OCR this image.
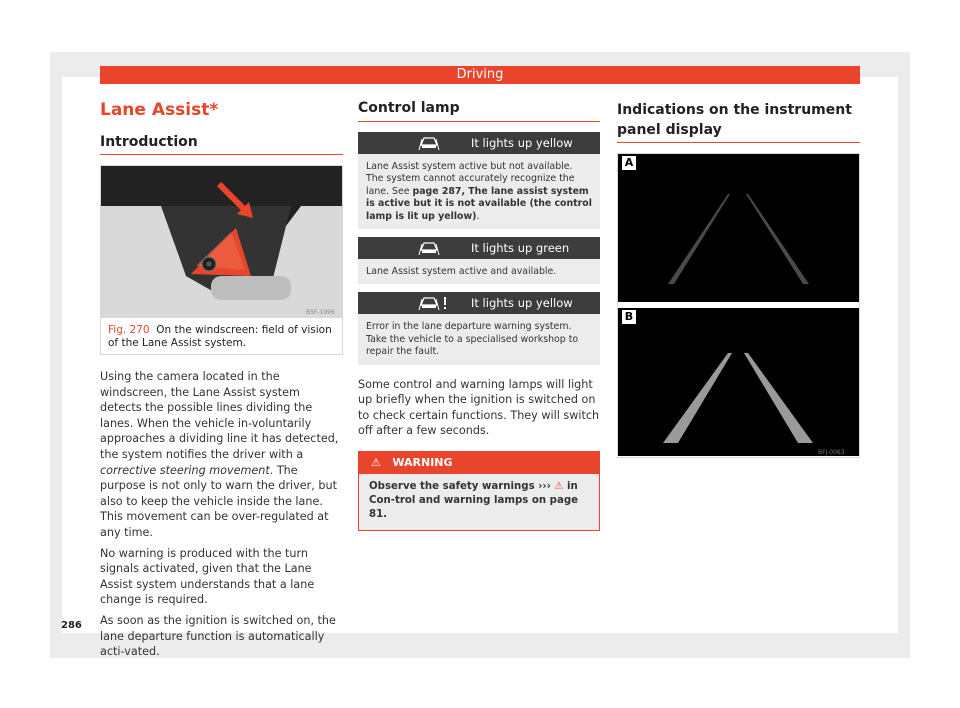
Driving
Lane Assist*
Introduction
B5F-1096
Fig. 270 On the windscreen: field of vision of the Lane Assist system.
Using the camera located in the windscreen, the Lane Assist system detects the possible lines dividing the lanes. When the vehicle in-voluntarily approaches a dividing line it has detected, the system notifies the driver with a corrective steering movement. The purpose is not only to warn the driver, but also to keep the vehicle inside the lane. This movement can be over-regulated at any time.
No warning is produced with the turn signals activated, given that the Lane Assist system understands that a lane change is required.
As soon as the ignition is switched on, the lane departure function is automatically acti-vated.
286
Control lamp
It lights up yellow
Lane Assist system active but not available. The system cannot accurately recognize the lane. See page 287, The lane assist system is active but it is not available (the control lamp is lit up yellow).
It lights up green
Lane Assist system active and available.
It lights up yellow
Error in the lane departure warning system. Take the vehicle to a specialised workshop to repair the fault.
Some control and warning lamps will light up briefly when the ignition is switched on to check certain functions. They will switch off after a few seconds.
⚠ WARNING
Observe the safety warnings ››› ⚠ in Con-trol and warning lamps on page 81.
Indications on the instrument panel display
A
B
BFJ-0063
